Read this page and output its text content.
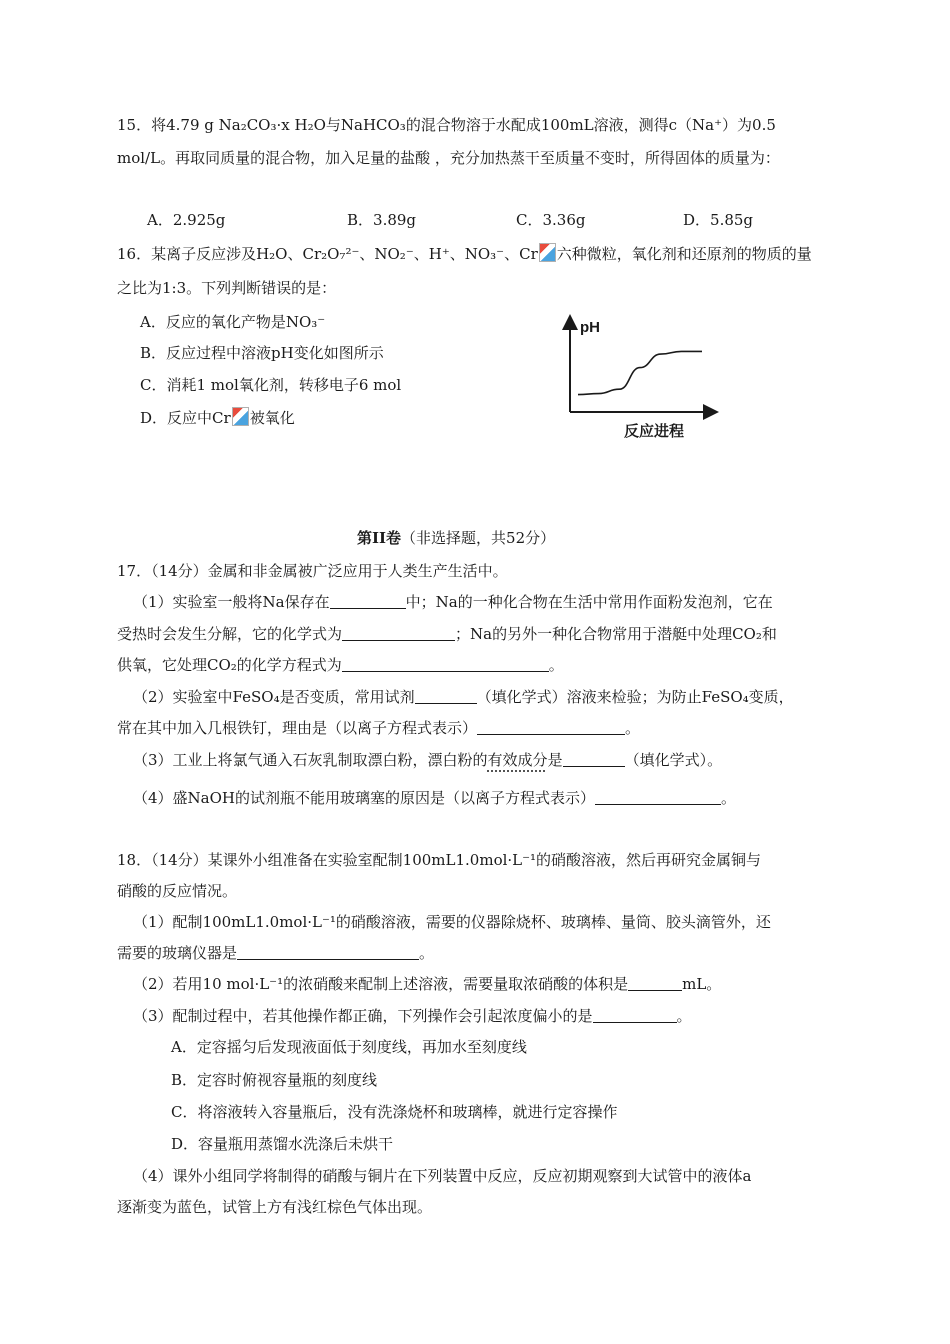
15．将4.79 g Na₂CO₃·x H₂O与NaHCO₃的混合物溶于水配成100mL溶液，测得c（Na⁺）为0.5
mol/L。再取同质量的混合物，加入足量的盐酸 ，充分加热蒸干至质量不变时，所得固体的质量为：
A．2.925g	B．3.89g	C．3.36g	D．5.85g
16．某离子反应涉及H₂O、Cr₂O₇²⁻、NO₂⁻、H⁺、NO₃⁻、Cr 六种微粒，氧化剂和还原剂的物质的量
之比为1:3。下列判断错误的是：
A．反应的氧化产物是NO₃⁻
B．反应过程中溶液pH变化如图所示
C．消耗1 mol氧化剂，转移电子6 mol
D．反应中Cr 被氧化
pH
反应进程
第II卷（非选择题，共52分）
17．（14分）金属和非金属被广泛应用于人类生产生活中。
（1）实验室一般将Na保存在	中；Na的一种化合物在生活中常用作面粉发泡剂，它在
受热时会发生分解，它的化学式为	；Na的另外一种化合物常用于潜艇中处理CO₂和
供氧，它处理CO₂的化学方程式为	。
（2）实验室中FeSO₄是否变质，常用试剂	（填化学式）溶液来检验；为防止FeSO₄变质，
常在其中加入几根铁钉，理由是（以离子方程式表示）	。
（3）工业上将氯气通入石灰乳制取漂白粉，漂白粉的有效成分是	（填化学式）。
（4）盛NaOH的试剂瓶不能用玻璃塞的原因是（以离子方程式表示）	。
18．（14分）某课外小组准备在实验室配制100mL1.0mol·L⁻¹的硝酸溶液，然后再研究金属铜与
硝酸的反应情况。
（1）配制100mL1.0mol·L⁻¹的硝酸溶液，需要的仪器除烧杯、玻璃棒、量筒、胶头滴管外，还
需要的玻璃仪器是	。
（2）若用10 mol·L⁻¹的浓硝酸来配制上述溶液，需要量取浓硝酸的体积是	mL。
（3）配制过程中，若其他操作都正确，下列操作会引起浓度偏小的是	。
A．定容摇匀后发现液面低于刻度线，再加水至刻度线
B．定容时俯视容量瓶的刻度线
C．将溶液转入容量瓶后，没有洗涤烧杯和玻璃棒，就进行定容操作
D．容量瓶用蒸馏水洗涤后未烘干
（4）课外小组同学将制得的硝酸与铜片在下列装置中反应，反应初期观察到大试管中的液体a
逐渐变为蓝色，试管上方有浅红棕色气体出现。
